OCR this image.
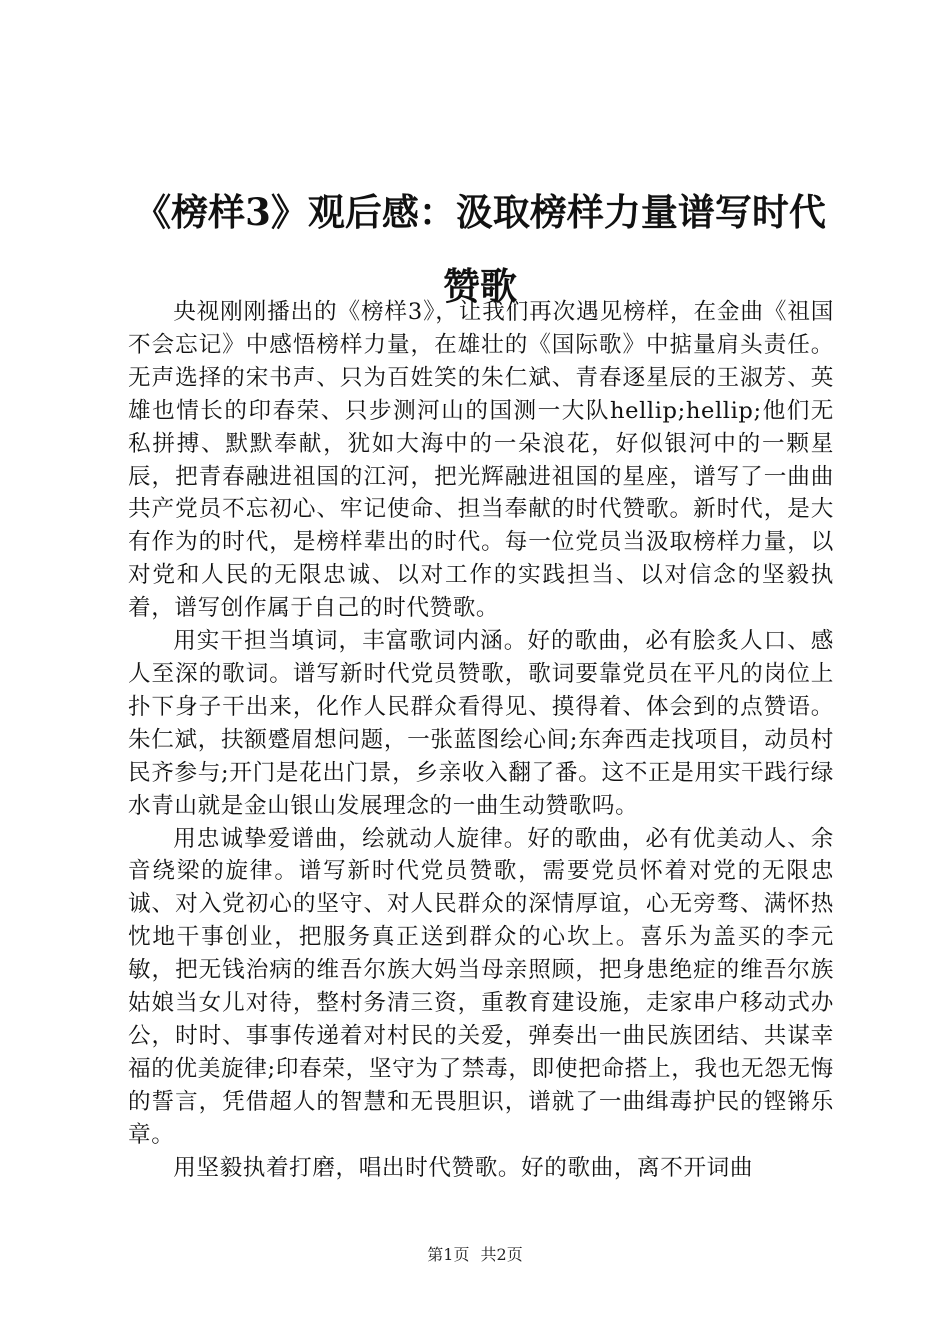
《榜样3》观后感：汲取榜样力量谱写时代赞歌

央视刚刚播出的《榜样3》，让我们再次遇见榜样，在金曲《祖国不会忘记》中感悟榜样力量，在雄壮的《国际歌》中掂量肩头责任。无声选择的宋书声、只为百姓笑的朱仁斌、青春逐星辰的王淑芳、英雄也情长的印春荣、只步测河山的国测一大队hellip;hellip;他们无私拼搏、默默奉献，犹如大海中的一朵浪花，好似银河中的一颗星辰，把青春融进祖国的江河，把光辉融进祖国的星座，谱写了一曲曲共产党员不忘初心、牢记使命、担当奉献的时代赞歌。新时代，是大有作为的时代，是榜样辈出的时代。每一位党员当汲取榜样力量，以对党和人民的无限忠诚、以对工作的实践担当、以对信念的坚毅执着，谱写创作属于自己的时代赞歌。

用实干担当填词，丰富歌词内涵。好的歌曲，必有脍炙人口、感人至深的歌词。谱写新时代党员赞歌，歌词要靠党员在平凡的岗位上扑下身子干出来，化作人民群众看得见、摸得着、体会到的点赞语。朱仁斌，扶额蹙眉想问题，一张蓝图绘心间;东奔西走找项目，动员村民齐参与;开门是花出门景，乡亲收入翻了番。这不正是用实干践行绿水青山就是金山银山发展理念的一曲生动赞歌吗。

用忠诚挚爱谱曲，绘就动人旋律。好的歌曲，必有优美动人、余音绕梁的旋律。谱写新时代党员赞歌，需要党员怀着对党的无限忠诚、对入党初心的坚守、对人民群众的深情厚谊，心无旁骛、满怀热忱地干事创业，把服务真正送到群众的心坎上。喜乐为盖买的李元敏，把无钱治病的维吾尔族大妈当母亲照顾，把身患绝症的维吾尔族姑娘当女儿对待，整村务清三资，重教育建设施，走家串户移动式办公，时时、事事传递着对村民的关爱，弹奏出一曲民族团结、共谋幸福的优美旋律;印春荣，坚守为了禁毒，即使把命搭上，我也无怨无悔的誓言，凭借超人的智慧和无畏胆识，谱就了一曲缉毒护民的铿锵乐章。

用坚毅执着打磨，唱出时代赞歌。好的歌曲，离不开词曲

第1页 共2页
